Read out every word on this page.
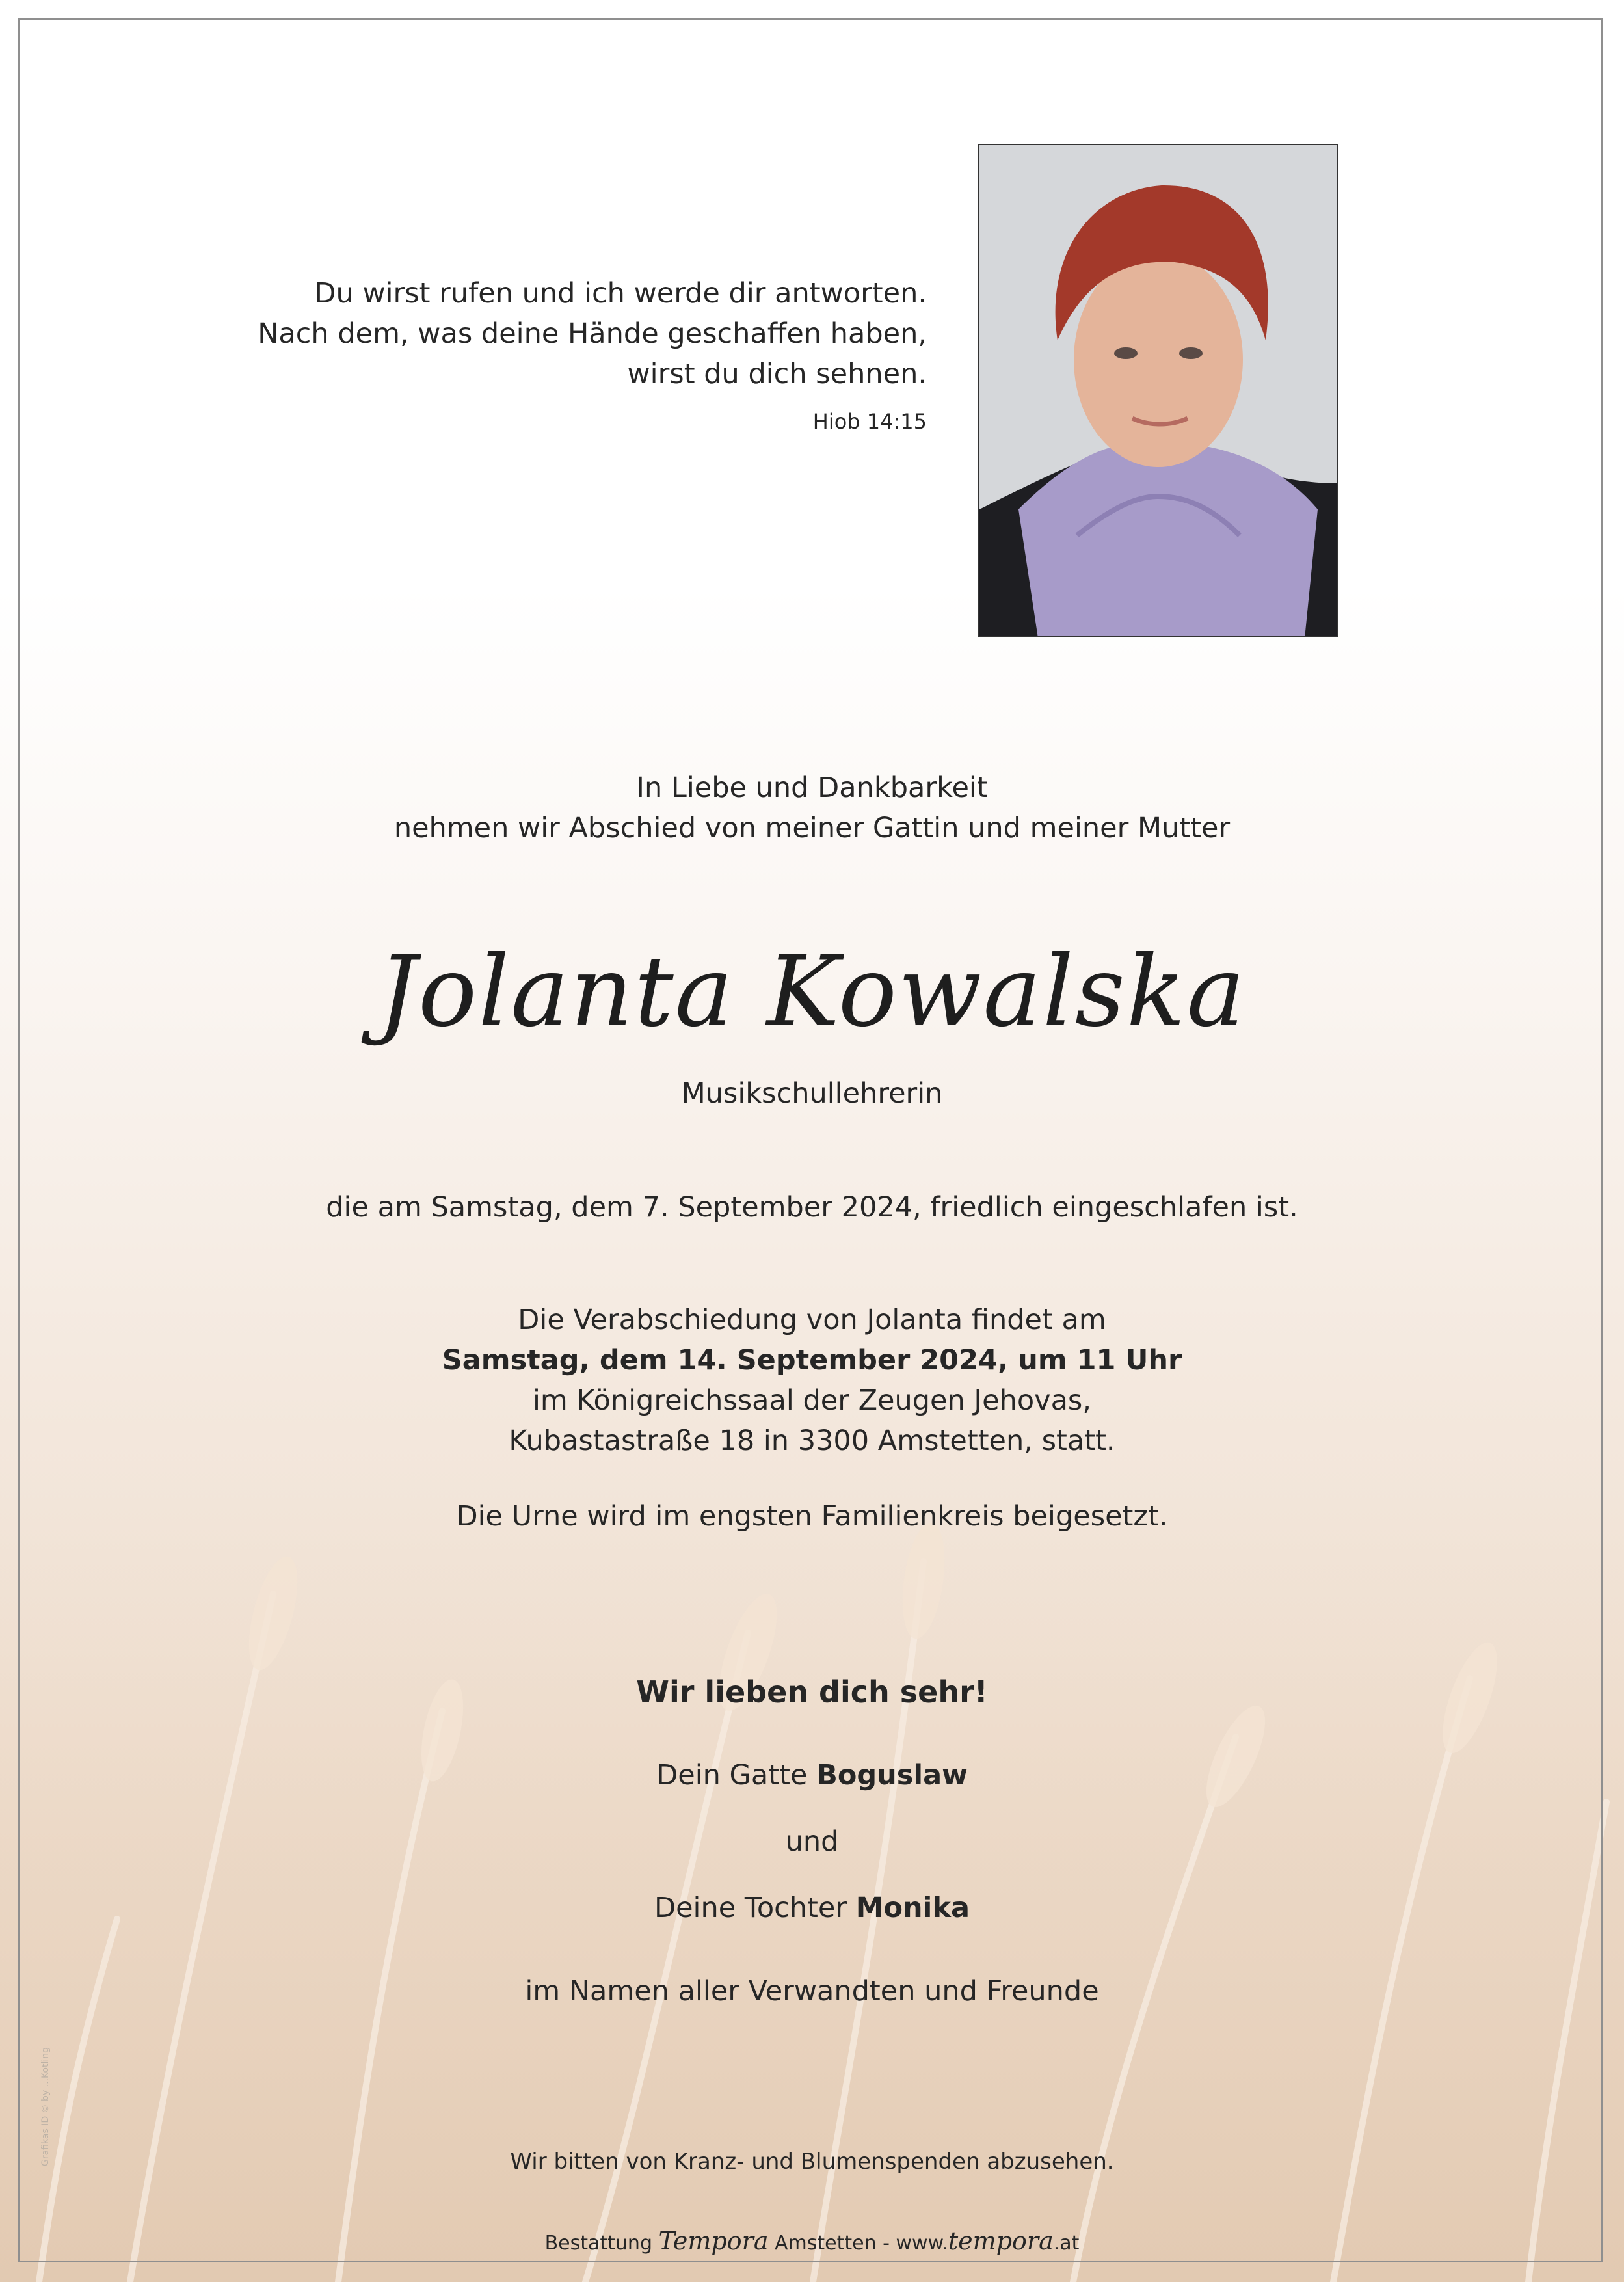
Du wirst rufen und ich werde dir antworten.
Nach dem, was deine Hände geschaffen haben,
wirst du dich sehnen.
Hiob 14:15
In Liebe und Dankbarkeit
nehmen wir Abschied von meiner Gattin und meiner Mutter
Jolanta Kowalska
Musikschullehrerin
die am Samstag, dem 7. September 2024, friedlich eingeschlafen ist.
Die Verabschiedung von Jolanta findet am
Samstag, dem 14. September 2024, um 11 Uhr
im Königreichssaal der Zeugen Jehovas,
Kubastastraße 18 in 3300 Amstetten, statt.
Die Urne wird im engsten Familienkreis beigesetzt.
Wir lieben dich sehr!
Dein Gatte Boguslaw
und
Deine Tochter Monika
im Namen aller Verwandten und Freunde
Wir bitten von Kranz- und Blumenspenden abzusehen.
Bestattung Tempora Amstetten - www.tempora.at
Grafikas ID © by ...Kotling
